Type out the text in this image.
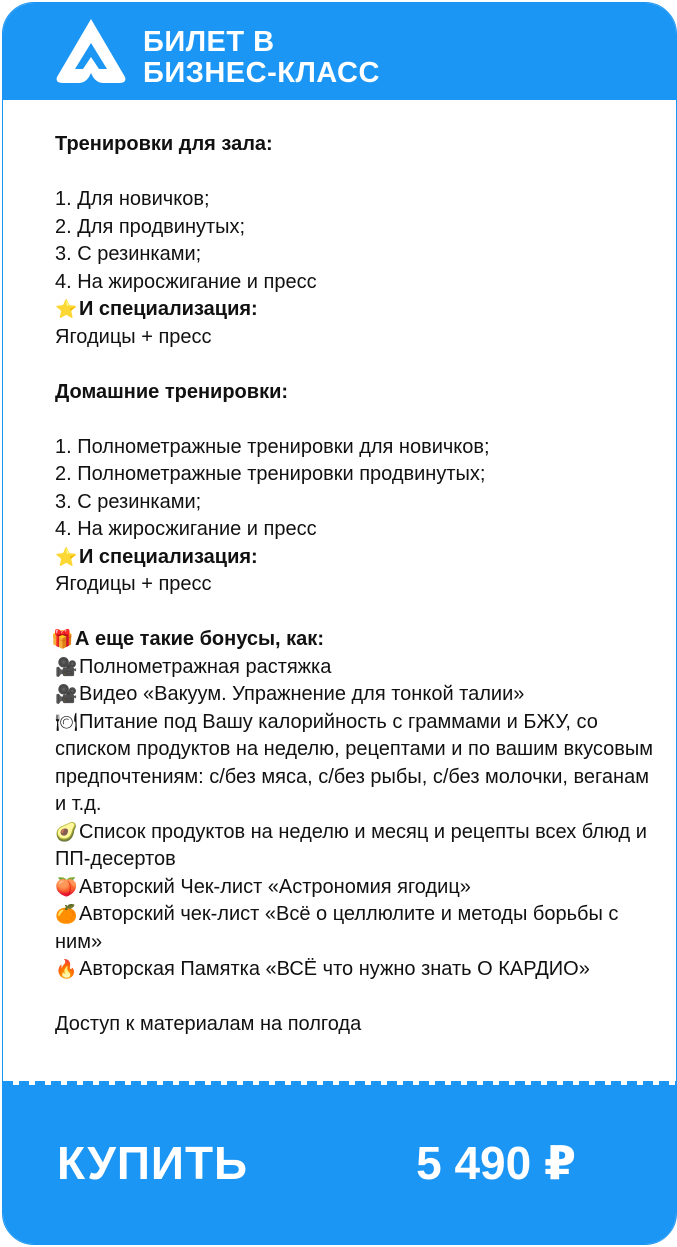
БИЛЕТ В
БИЗНЕС-КЛАСС
Тренировки для зала:
1. Для новичков;
2. Для продвинутых;
3. С резинками;
4. На жиросжигание и пресс
⭐И специализация:
Ягодицы + пресс
Домашние тренировки:
1. Полнометражные тренировки для новичков;
2. Полнометражные тренировки продвинутых;
3. С резинками;
4. На жиросжигание и пресс
⭐И специализация:
Ягодицы + пресс
🎁А еще такие бонусы, как:
🎥Полнометражная растяжка
🎥Видео «Вакуум. Упражнение для тонкой талии»
🍽Питание под Вашу калорийность с граммами и БЖУ, со списком продуктов на неделю, рецептами и по вашим вкусовым предпочтениям: с/без мяса, с/без рыбы, с/без молочки, веганам и т.д.
🥑Список продуктов на неделю и месяц и рецепты всех блюд и ПП-десертов
🍑Авторский Чек-лист «Астрономия ягодиц»
🍊Авторский чек-лист «Всё о целлюлите и методы борьбы с ним»
🔥Авторская Памятка «ВСЁ что нужно знать О КАРДИО»
Доступ к материалам на полгода
КУПИТЬ	5 490 ₽
